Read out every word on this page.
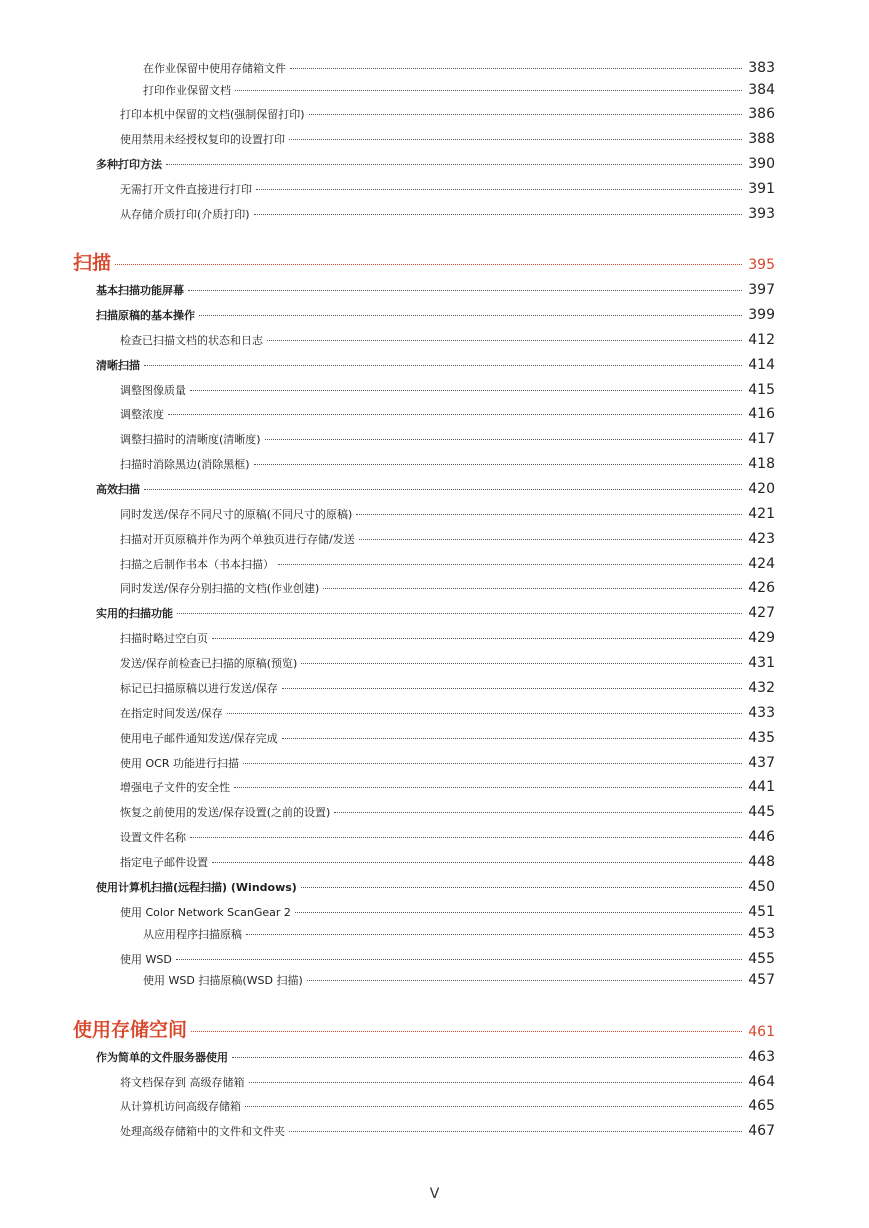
在作业保留中使用存储箱文件	383
打印作业保留文档	384
打印本机中保留的文档(强制保留打印)	386
使用禁用未经授权复印的设置打印	388
多种打印方法	390
无需打开文件直接进行打印	391
从存储介质打印(介质打印)	393
扫描	395
基本扫描功能屏幕	397
扫描原稿的基本操作	399
检查已扫描文档的状态和日志	412
清晰扫描	414
调整图像质量	415
调整浓度	416
调整扫描时的清晰度(清晰度)	417
扫描时消除黑边(消除黑框)	418
高效扫描	420
同时发送/保存不同尺寸的原稿(不同尺寸的原稿)	421
扫描对开页原稿并作为两个单独页进行存储/发送	423
扫描之后制作书本（书本扫描）	424
同时发送/保存分别扫描的文档(作业创建)	426
实用的扫描功能	427
扫描时略过空白页	429
发送/保存前检查已扫描的原稿(预览)	431
标记已扫描原稿以进行发送/保存	432
在指定时间发送/保存	433
使用电子邮件通知发送/保存完成	435
使用 OCR 功能进行扫描	437
增强电子文件的安全性	441
恢复之前使用的发送/保存设置(之前的设置)	445
设置文件名称	446
指定电子邮件设置	448
使用计算机扫描(远程扫描) (Windows)	450
使用 Color Network ScanGear 2	451
从应用程序扫描原稿	453
使用 WSD	455
使用 WSD 扫描原稿(WSD 扫描)	457
使用存储空间	461
作为简单的文件服务器使用	463
将文档保存到 高级存储箱	464
从计算机访问高级存储箱	465
处理高级存储箱中的文件和文件夹	467
V
